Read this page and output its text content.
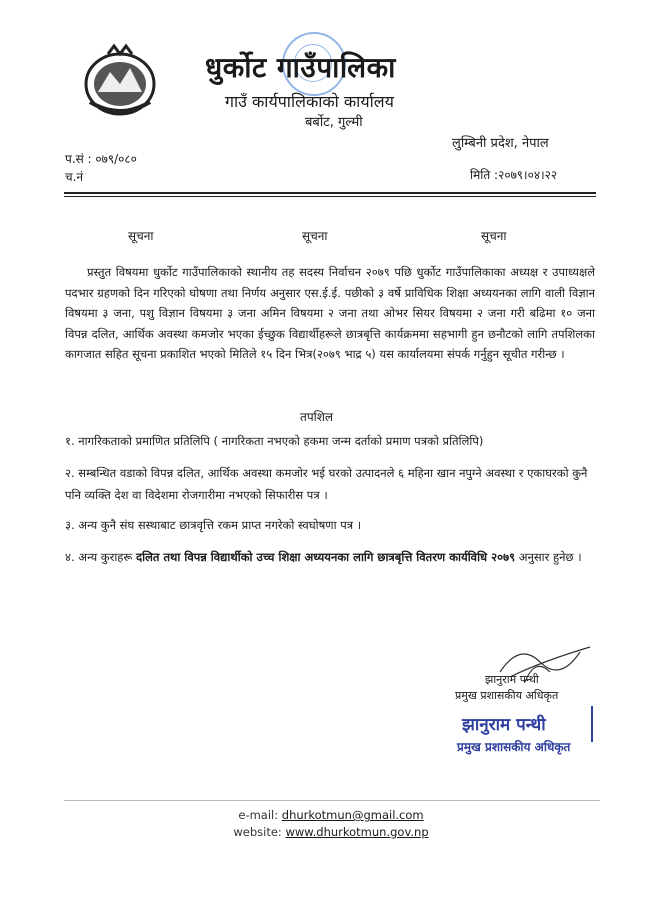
धुर्कोट गाउँपालिका
गाउँ कार्यपालिकाको कार्यालय
बर्बोट, गुल्मी
लुम्बिनी प्रदेश, नेपाल
प.सं : ०७९/०८०
च.नं	मिति :२०७९।०४।२२
सूचना	सूचना	सूचना
प्रस्तुत विषयमा धुर्कोट गाउँपालिकाको स्थानीय तह सदस्य निर्वाचन २०७९ पछि धुर्कोट गाउँपालिकाका अध्यक्ष र उपाध्यक्षले पदभार ग्रहणको दिन गरिएको घोषणा तथा निर्णय अनुसार एस.ई.ई. पछीको ३ वर्षे प्राविधिक शिक्षा अध्ययनका लागि वाली विज्ञान विषयमा ३ जना, पशु विज्ञान विषयमा ३ जना अमिन विषयमा २ जना तथा ओभर सियर विषयमा २ जना गरी बढिमा १० जना विपन्न दलित, आर्थिक अवस्था कमजोर भएका ईच्छुक विद्यार्थीहरूले छात्रबृत्ति कार्यक्रममा सहभागी हुन छनौटको लागि तपशिलका कागजात सहित सूचना प्रकाशित भएको मितिले १५ दिन भित्र(२०७९ भाद्र ५) यस कार्यालयमा संपर्क गर्नुहुन सूचीत गरीन्छ ।
तपशिल
१. नागरिकताको प्रमाणित प्रतिलिपि ( नागरिकता नभएको हकमा जन्म दर्ताको प्रमाण पत्रको प्रतिलिपि)
२. सम्बन्धित वडाको विपन्न दलित, आर्थिक अवस्था कमजोर भई घरको उत्पादनले ६ महिना खान नपुग्ने अवस्था र एकाघरको कुनै पनि व्यक्ति देश वा विदेशमा रोजगारीमा नभएको सिफारीस पत्र ।
३. अन्य कुनै संघ सस्थाबाट छात्रवृत्ति रकम प्राप्त नगरेको स्वघोषणा पत्र ।
४. अन्य कुराहरू दलित तथा विपन्न विद्यार्थीको उच्च शिक्षा अध्ययनका लागि छात्रबृत्ति वितरण कार्यविधि २०७९ अनुसार हुनेछ ।
झानुराम पन्थी
प्रमुख प्रशासकीय अधिकृत
झानुराम पन्थी
प्रमुख प्रशासकीय अधिकृत
e-mail: dhurkotmun@gmail.com
website: www.dhurkotmun.gov.np
